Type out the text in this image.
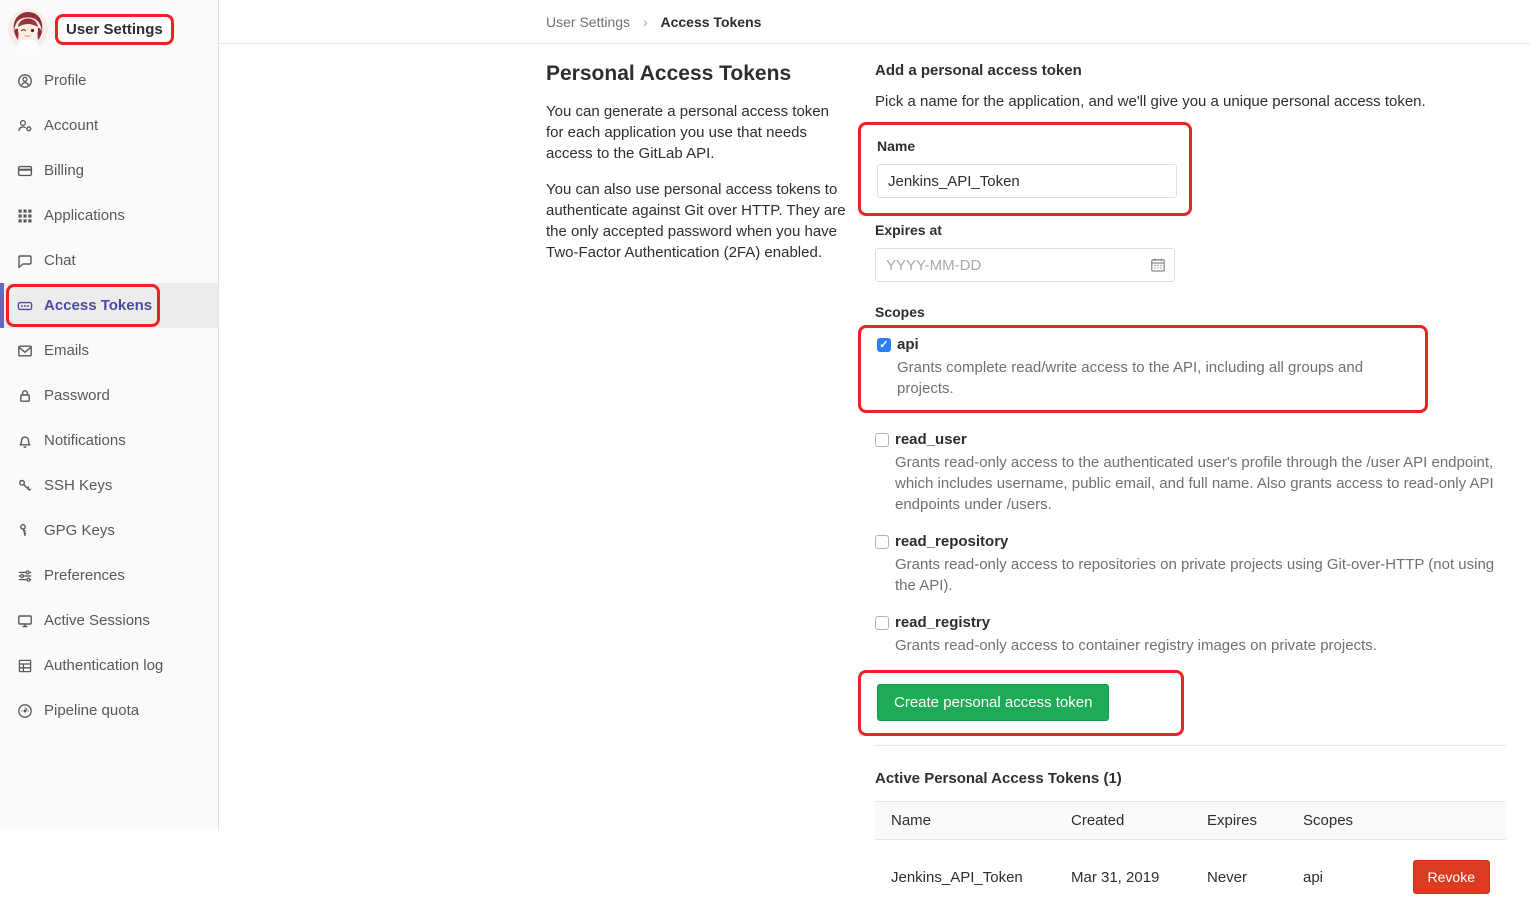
User Settings
Profile
Account
Billing
Applications
Chat
Access Tokens
Emails
Password
Notifications
SSH Keys
GPG Keys
Preferences
Active Sessions
Authentication log
Pipeline quota
User Settings › Access Tokens
Personal Access Tokens

You can generate a personal access token for each application you use that needs access to the GitLab API.

You can also use personal access tokens to authenticate against Git over HTTP. They are the only accepted password when you have Two-Factor Authentication (2FA) enabled.

Add a personal access token

Pick a name for the application, and we'll give you a unique personal access token.

Name
Jenkins_API_Token
Expires at
YYYY-MM-DD
Scopes
✓ api
Grants complete read/write access to the API, including all groups and projects.
read_user
Grants read-only access to the authenticated user's profile through the /user API endpoint, which includes username, public email, and full name. Also grants access to read-only API endpoints under /users.
read_repository
Grants read-only access to repositories on private projects using Git-over-HTTP (not using the API).
read_registry
Grants read-only access to container registry images on private projects.
Create personal access token
Active Personal Access Tokens (1)
Name	Created	Expires	Scopes	
Jenkins_API_Token	Mar 31, 2019	Never	api	Revoke
